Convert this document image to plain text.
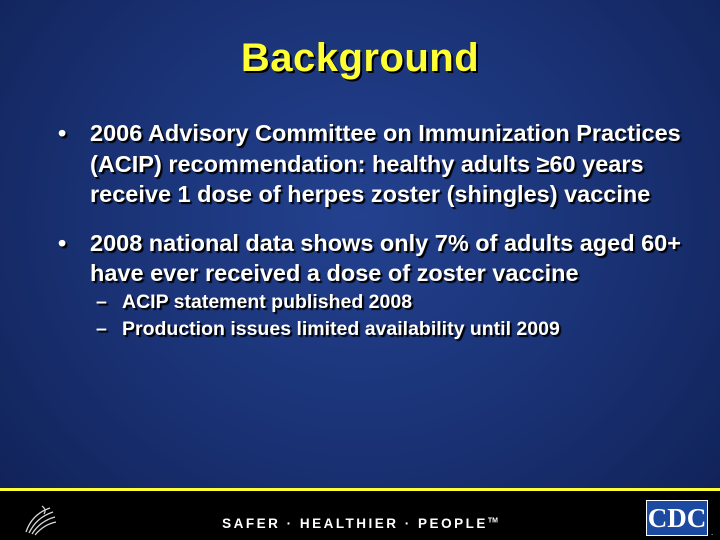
Background
• 2006 Advisory Committee on Immunization Practices (ACIP) recommendation: healthy adults ≥60 years receive 1 dose of herpes zoster (shingles) vaccine
• 2008 national data shows only 7% of adults aged 60+ have ever received a dose of zoster vaccine
– ACIP statement published 2008
– Production issues limited availability until 2009
SAFER · HEALTHIER · PEOPLE™	CDC .
